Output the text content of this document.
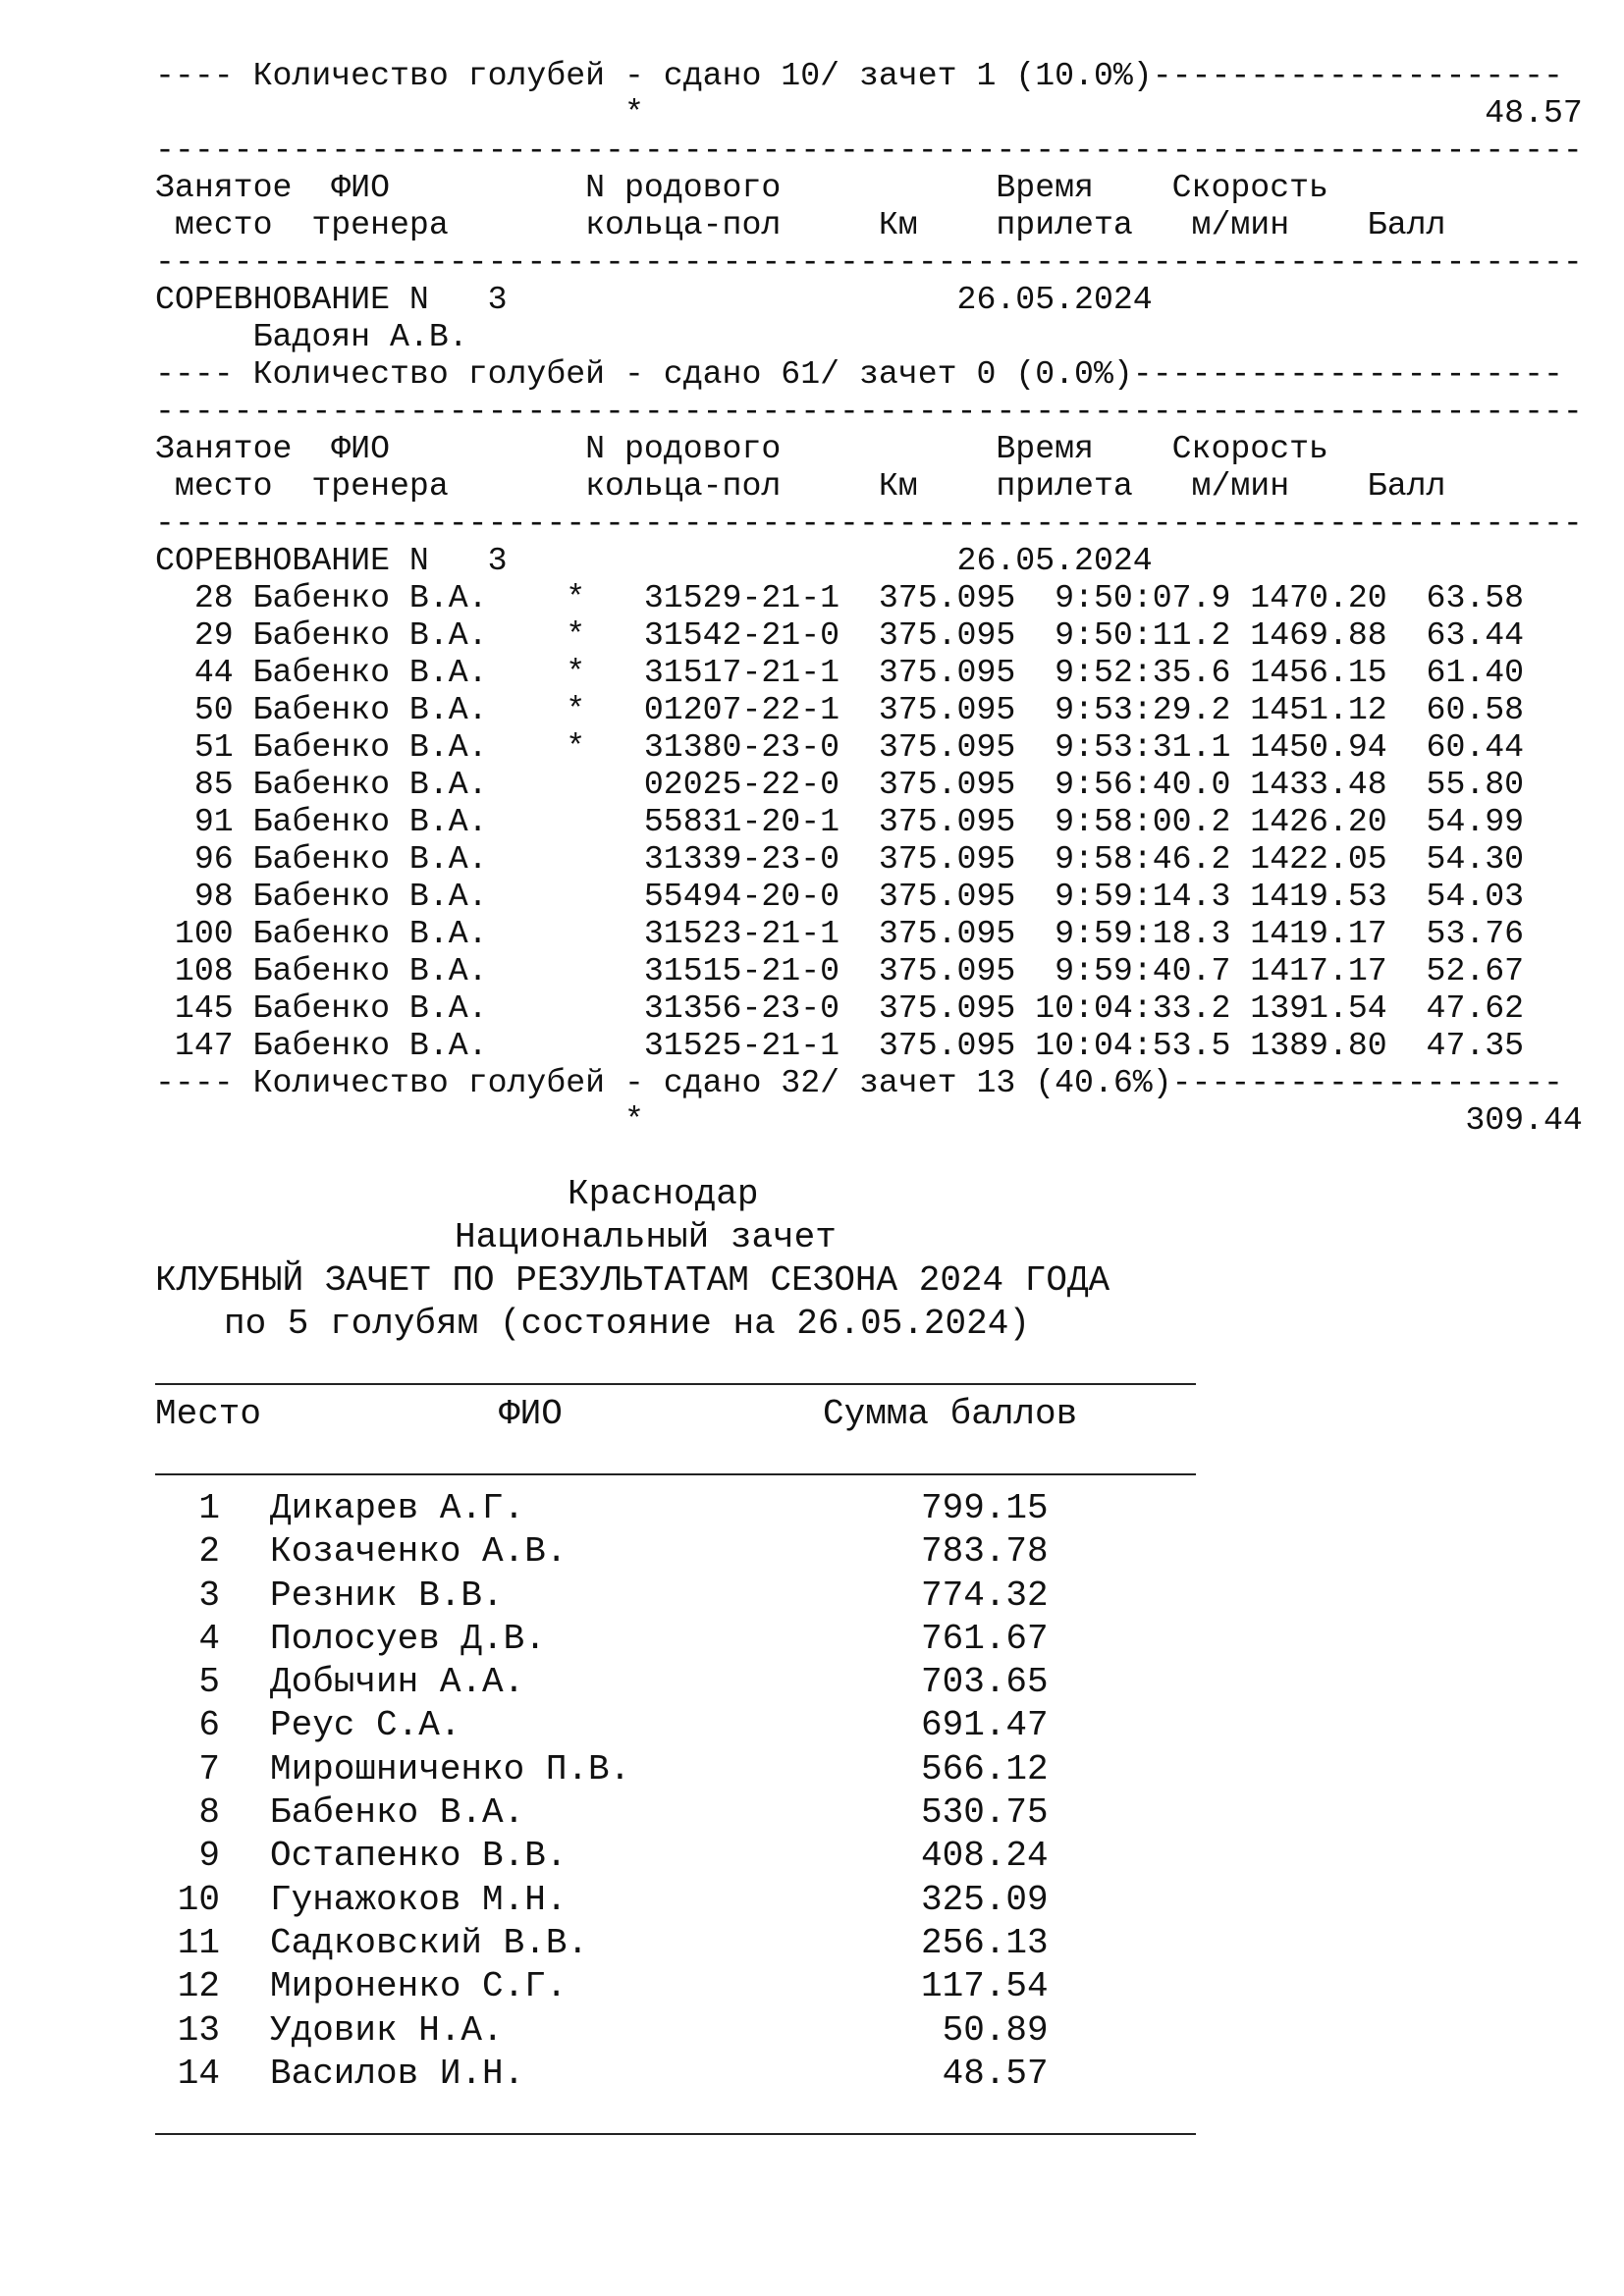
---- Количество голубей - сдано 10/ зачет 1 (10.0%)---------------------
*                                           48.57
-------------------------------------------------------------------------
Занятое  ФИО          N родового           Время    Скорость
место  тренера       кольца-пол     Км    прилета   м/мин    Балл
-------------------------------------------------------------------------
СОРЕВНОВАНИЕ N   3                       26.05.2024
Бадоян А.В.
---- Количество голубей - сдано 61/ зачет 0 (0.0%)----------------------
-------------------------------------------------------------------------
Занятое  ФИО          N родового           Время    Скорость
место  тренера       кольца-пол     Км    прилета   м/мин    Балл
-------------------------------------------------------------------------
СОРЕВНОВАНИЕ N   3                       26.05.2024
28 Бабенко В.А.    *   31529-21-1  375.095  9:50:07.9 1470.20  63.58
29 Бабенко В.А.    *   31542-21-0  375.095  9:50:11.2 1469.88  63.44
44 Бабенко В.А.    *   31517-21-1  375.095  9:52:35.6 1456.15  61.40
50 Бабенко В.А.    *   01207-22-1  375.095  9:53:29.2 1451.12  60.58
51 Бабенко В.А.    *   31380-23-0  375.095  9:53:31.1 1450.94  60.44
85 Бабенко В.А.        02025-22-0  375.095  9:56:40.0 1433.48  55.80
91 Бабенко В.А.        55831-20-1  375.095  9:58:00.2 1426.20  54.99
96 Бабенко В.А.        31339-23-0  375.095  9:58:46.2 1422.05  54.30
98 Бабенко В.А.        55494-20-0  375.095  9:59:14.3 1419.53  54.03
100 Бабенко В.А.        31523-21-1  375.095  9:59:18.3 1419.17  53.76
108 Бабенко В.А.        31515-21-0  375.095  9:59:40.7 1417.17  52.67
145 Бабенко В.А.        31356-23-0  375.095 10:04:33.2 1391.54  47.62
147 Бабенко В.А.        31525-21-1  375.095 10:04:53.5 1389.80  47.35
---- Количество голубей - сдано 32/ зачет 13 (40.6%)--------------------
*                                          309.44
Краснодар
Национальный зачет
КЛУБНЫЙ ЗАЧЕТ ПО РЕЗУЛЬТАТАМ СЕЗОНА 2024 ГОДА
по 5 голубям (состояние на 26.05.2024)
Место	ФИО	Сумма баллов
1 Дикарев А.Г.	799.15
2 Козаченко А.В.	783.78
3 Резник В.В.	774.32
4 Полосуев Д.В.	761.67
5 Добычин А.А.	703.65
6 Реус С.А.	691.47
7 Мирошниченко П.В.	566.12
8 Бабенко В.А.	530.75
9 Остапенко В.В.	408.24
10 Гунажоков М.Н.	325.09
11 Садковский В.В.	256.13
12 Мироненко С.Г.	117.54
13 Удовик Н.А.	50.89
14 Василов И.Н.	48.57
